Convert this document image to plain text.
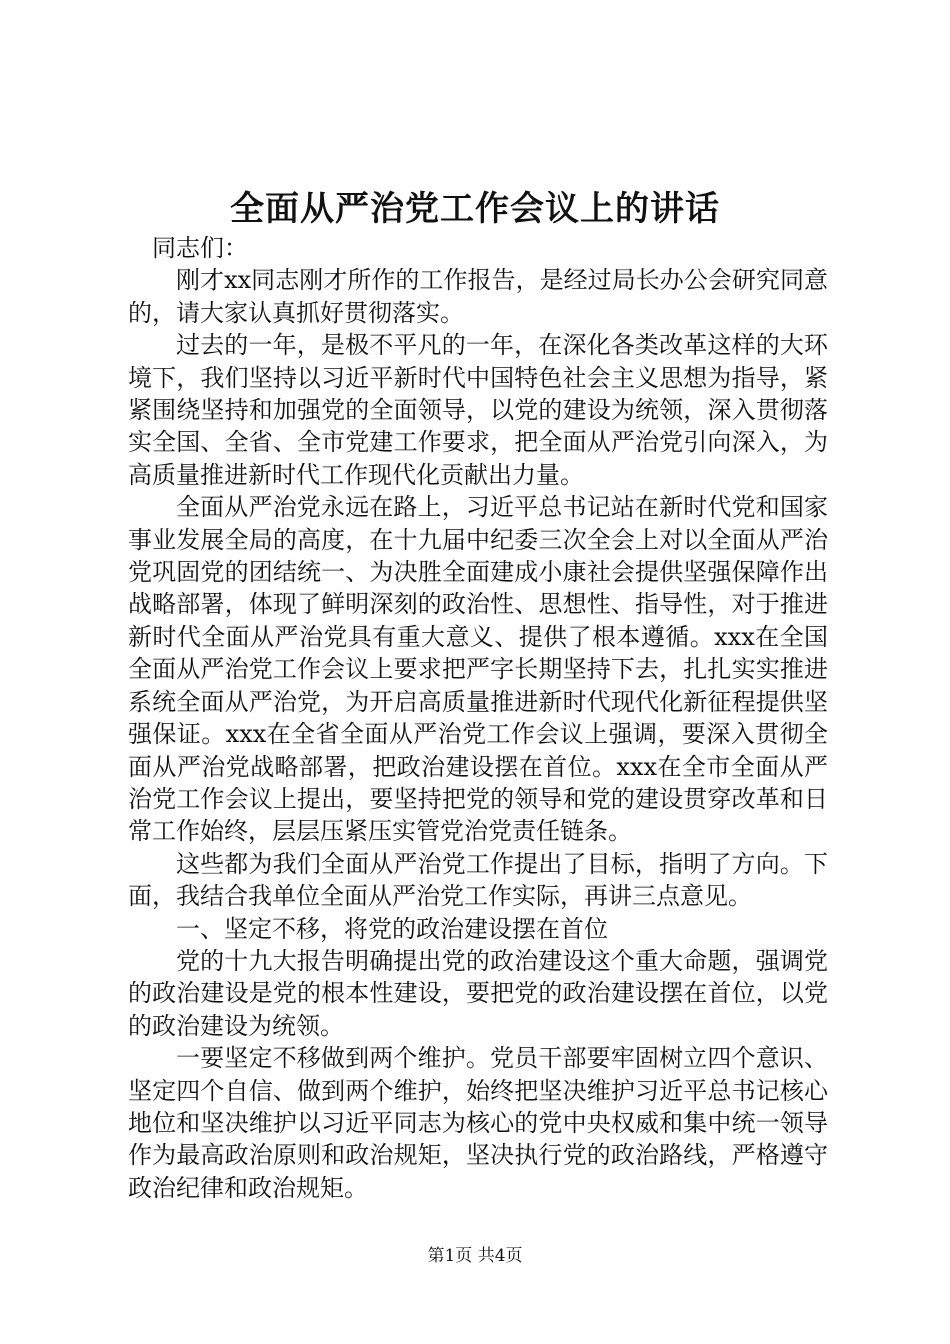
全面从严治党工作会议上的讲话

同志们：

刚才xx同志刚才所作的工作报告，是经过局长办公会研究同意的，请大家认真抓好贯彻落实。

过去的一年，是极不平凡的一年，在深化各类改革这样的大环境下，我们坚持以习近平新时代中国特色社会主义思想为指导，紧紧围绕坚持和加强党的全面领导，以党的建设为统领，深入贯彻落实全国、全省、全市党建工作要求，把全面从严治党引向深入，为高质量推进新时代工作现代化贡献出力量。

全面从严治党永远在路上，习近平总书记站在新时代党和国家事业发展全局的高度，在十九届中纪委三次全会上对以全面从严治党巩固党的团结统一、为决胜全面建成小康社会提供坚强保障作出战略部署，体现了鲜明深刻的政治性、思想性、指导性，对于推进新时代全面从严治党具有重大意义、提供了根本遵循。xxx在全国全面从严治党工作会议上要求把严字长期坚持下去，扎扎实实推进系统全面从严治党，为开启高质量推进新时代现代化新征程提供坚强保证。xxx在全省全面从严治党工作会议上强调，要深入贯彻全面从严治党战略部署，把政治建设摆在首位。xxx在全市全面从严治党工作会议上提出，要坚持把党的领导和党的建设贯穿改革和日常工作始终，层层压紧压实管党治党责任链条。

这些都为我们全面从严治党工作提出了目标，指明了方向。下面，我结合我单位全面从严治党工作实际，再讲三点意见。

一、坚定不移，将党的政治建设摆在首位

党的十九大报告明确提出党的政治建设这个重大命题，强调党的政治建设是党的根本性建设，要把党的政治建设摆在首位，以党的政治建设为统领。

一要坚定不移做到两个维护。党员干部要牢固树立四个意识、坚定四个自信、做到两个维护，始终把坚决维护习近平总书记核心地位和坚决维护以习近平同志为核心的党中央权威和集中统一领导作为最高政治原则和政治规矩，坚决执行党的政治路线，严格遵守政治纪律和政治规矩。

第1页 共4页
